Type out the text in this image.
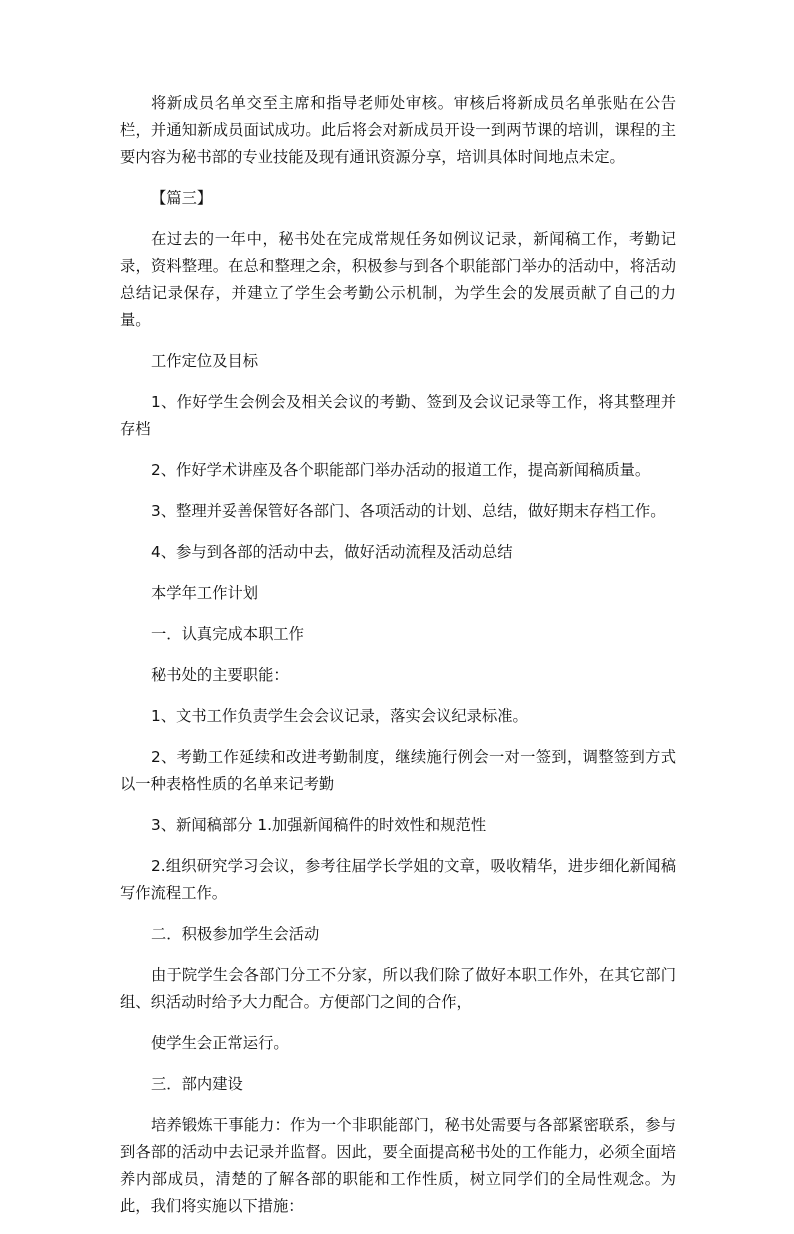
将新成员名单交至主席和指导老师处审核。审核后将新成员名单张贴在公告栏，并通知新成员面试成功。此后将会对新成员开设一到两节课的培训，课程的主要内容为秘书部的专业技能及现有通讯资源分享，培训具体时间地点未定。

【篇三】

在过去的一年中，秘书处在完成常规任务如例议记录，新闻稿工作，考勤记录，资料整理。在总和整理之余，积极参与到各个职能部门举办的活动中，将活动总结记录保存，并建立了学生会考勤公示机制，为学生会的发展贡献了自己的力量。

工作定位及目标

1、作好学生会例会及相关会议的考勤、签到及会议记录等工作，将其整理并存档

2、作好学术讲座及各个职能部门举办活动的报道工作，提高新闻稿质量。

3、整理并妥善保管好各部门、各项活动的计划、总结，做好期末存档工作。

4、参与到各部的活动中去，做好活动流程及活动总结

本学年工作计划

一．认真完成本职工作

秘书处的主要职能：

1、文书工作负责学生会会议记录，落实会议纪录标准。

2、考勤工作延续和改进考勤制度，继续施行例会一对一签到，调整签到方式以一种表格性质的名单来记考勤

3、新闻稿部分 1.加强新闻稿件的时效性和规范性

2.组织研究学习会议，参考往届学长学姐的文章，吸收精华，进步细化新闻稿写作流程工作。

二．积极参加学生会活动

由于院学生会各部门分工不分家，所以我们除了做好本职工作外，在其它部门组、织活动时给予大力配合。方便部门之间的合作，

使学生会正常运行。

三．部内建设

培养锻炼干事能力：作为一个非职能部门，秘书处需要与各部紧密联系，参与到各部的活动中去记录并监督。因此，要全面提高秘书处的工作能力，必须全面培养内部成员，清楚的了解各部的职能和工作性质，树立同学们的全局性观念。为此，我们将实施以下措施：
